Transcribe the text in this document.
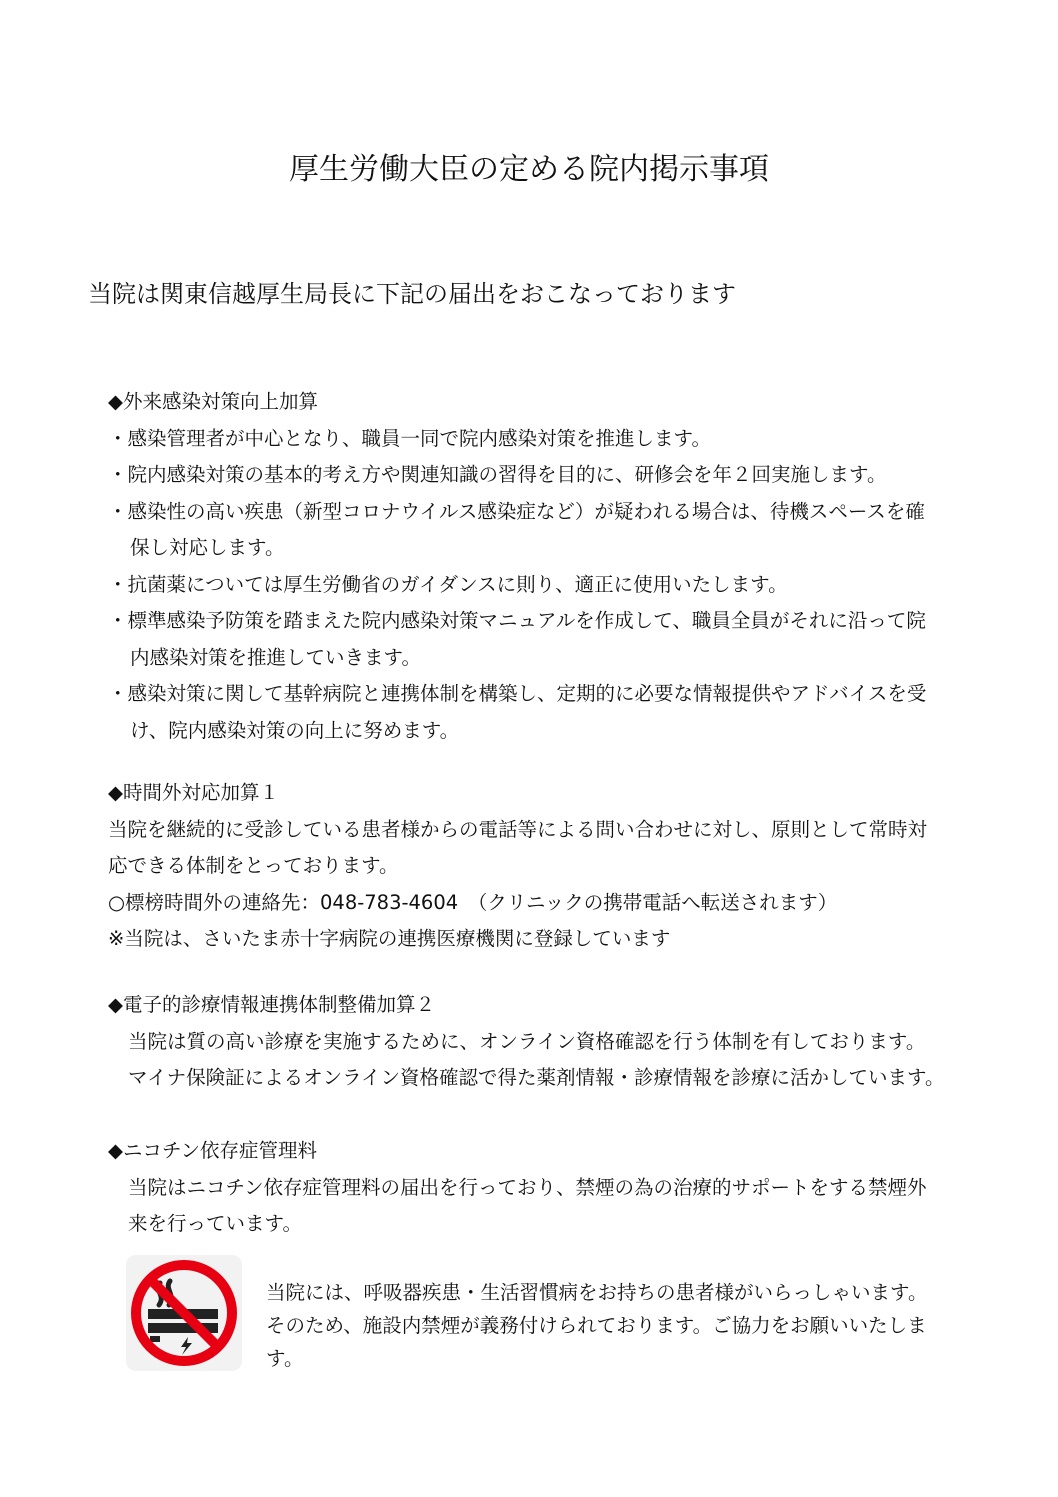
厚生労働大臣の定める院内掲示事項

当院は関東信越厚生局長に下記の届出をおこなっております

◆外来感染対策向上加算

・感染管理者が中心となり、職員一同で院内感染対策を推進します。

・院内感染対策の基本的考え方や関連知識の習得を目的に、研修会を年２回実施します。

・感染性の高い疾患（新型コロナウイルス感染症など）が疑われる場合は、待機スペースを確
保し対応します。

・抗菌薬については厚生労働省のガイダンスに則り、適正に使用いたします。

・標準感染予防策を踏まえた院内感染対策マニュアルを作成して、職員全員がそれに沿って院
内感染対策を推進していきます。

・感染対策に関して基幹病院と連携体制を構築し、定期的に必要な情報提供やアドバイスを受
け、院内感染対策の向上に努めます。

◆時間外対応加算１

当院を継続的に受診している患者様からの電話等による問い合わせに対し、原則として常時対

応できる体制をとっております。

○標榜時間外の連絡先：048-783-4604　（クリニックの携帯電話へ転送されます）

※当院は、さいたま赤十字病院の連携医療機関に登録しています

◆電子的診療情報連携体制整備加算２

当院は質の高い診療を実施するために、オンライン資格確認を行う体制を有しております。

マイナ保険証によるオンライン資格確認で得た薬剤情報・診療情報を診療に活かしています。

◆ニコチン依存症管理料

当院はニコチン依存症管理料の届出を行っており、禁煙の為の治療的サポートをする禁煙外

来を行っています。

当院には、呼吸器疾患・生活習慣病をお持ちの患者様がいらっしゃいます。

そのため、施設内禁煙が義務付けられております。ご協力をお願いいたしま

す。
